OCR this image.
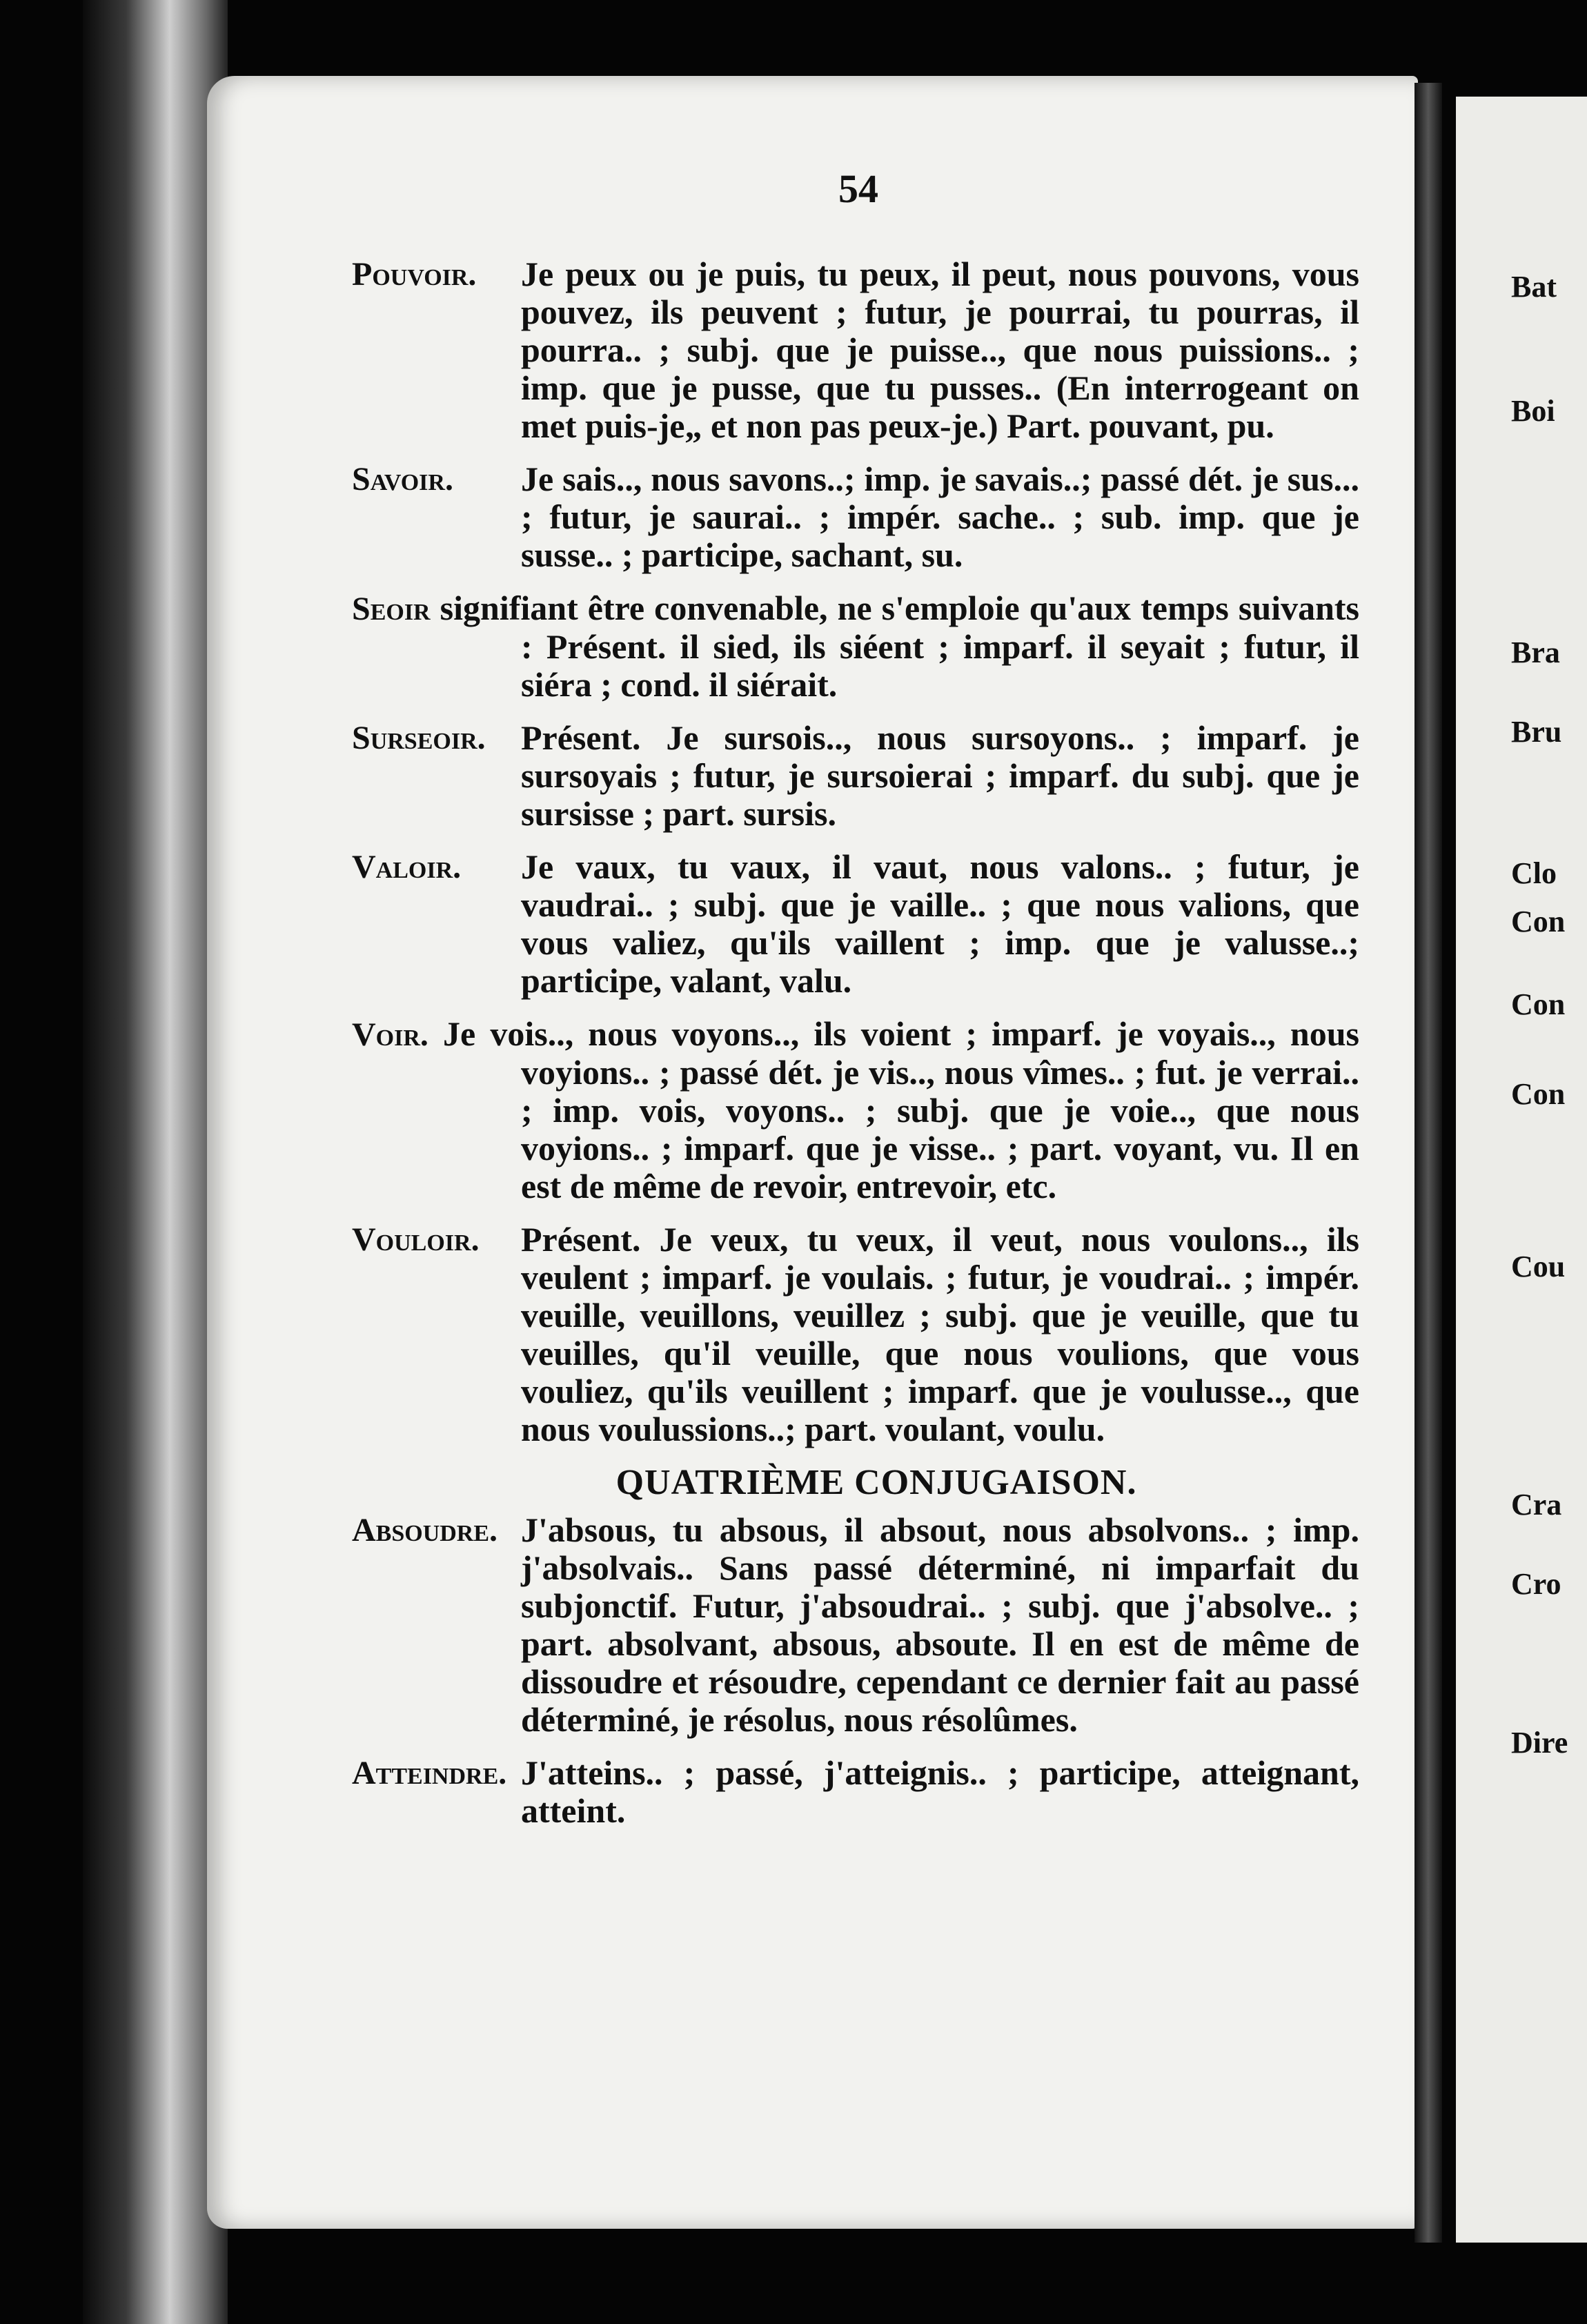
Bat
Boi
Bra
Bru
Clo
Con
Con
Con
Cou
Cra
Cro
Dire
54
Pouvoir. Je peux ou je puis, tu peux, il peut, nous pouvons, vous pouvez, ils peuvent ; futur, je pourrai, tu pourras, il pourra.. ; subj. que je puisse.., que nous puissions.. ; imp. que je pusse, que tu pusses.. (En interrogeant on met puis-je„ et non pas peux-je.) Part. pouvant, pu.
Savoir. Je sais.., nous savons..; imp. je savais..; passé dét. je sus... ; futur, je saurai.. ; impér. sache.. ; sub. imp. que je susse.. ; participe, sachant, su.
Seoir signifiant être convenable, ne s'emploie qu'aux temps suivants : Présent. il sied, ils siéent ; imparf. il seyait ; futur, il siéra ; cond. il siérait.
Surseoir. Présent. Je sursois.., nous sursoyons.. ; imparf. je sursoyais ; futur, je sursoierai ; imparf. du subj. que je sursisse ; part. sursis.
Valoir. Je vaux, tu vaux, il vaut, nous valons.. ; futur, je vaudrai.. ; subj. que je vaille.. ; que nous valions, que vous valiez, qu'ils vaillent ; imp. que je valusse..; participe, valant, valu.
Voir. Je vois.., nous voyons.., ils voient ; imparf. je voyais.., nous voyions.. ; passé dét. je vis.., nous vîmes.. ; fut. je verrai.. ; imp. vois, voyons.. ; subj. que je voie.., que nous voyions.. ; imparf. que je visse.. ; part. voyant, vu. Il en est de même de revoir, entrevoir, etc.
Vouloir. Présent. Je veux, tu veux, il veut, nous voulons.., ils veulent ; imparf. je voulais. ; futur, je voudrai.. ; impér. veuille, veuillons, veuillez ; subj. que je veuille, que tu veuilles, qu'il veuille, que nous voulions, que vous vouliez, qu'ils veuillent ; imparf. que je voulusse.., que nous voulussions..; part. voulant, voulu.
QUATRIÈME CONJUGAISON.
Absoudre. J'absous, tu absous, il absout, nous absolvons.. ; imp. j'absolvais.. Sans passé déterminé, ni imparfait du subjonctif. Futur, j'absoudrai.. ; subj. que j'absolve.. ; part. absolvant, absous, absoute. Il en est de même de dissoudre et résoudre, cependant ce dernier fait au passé déterminé, je résolus, nous résolûmes.
Atteindre. J'atteins.. ; passé, j'atteignis.. ; participe, atteignant, atteint.
